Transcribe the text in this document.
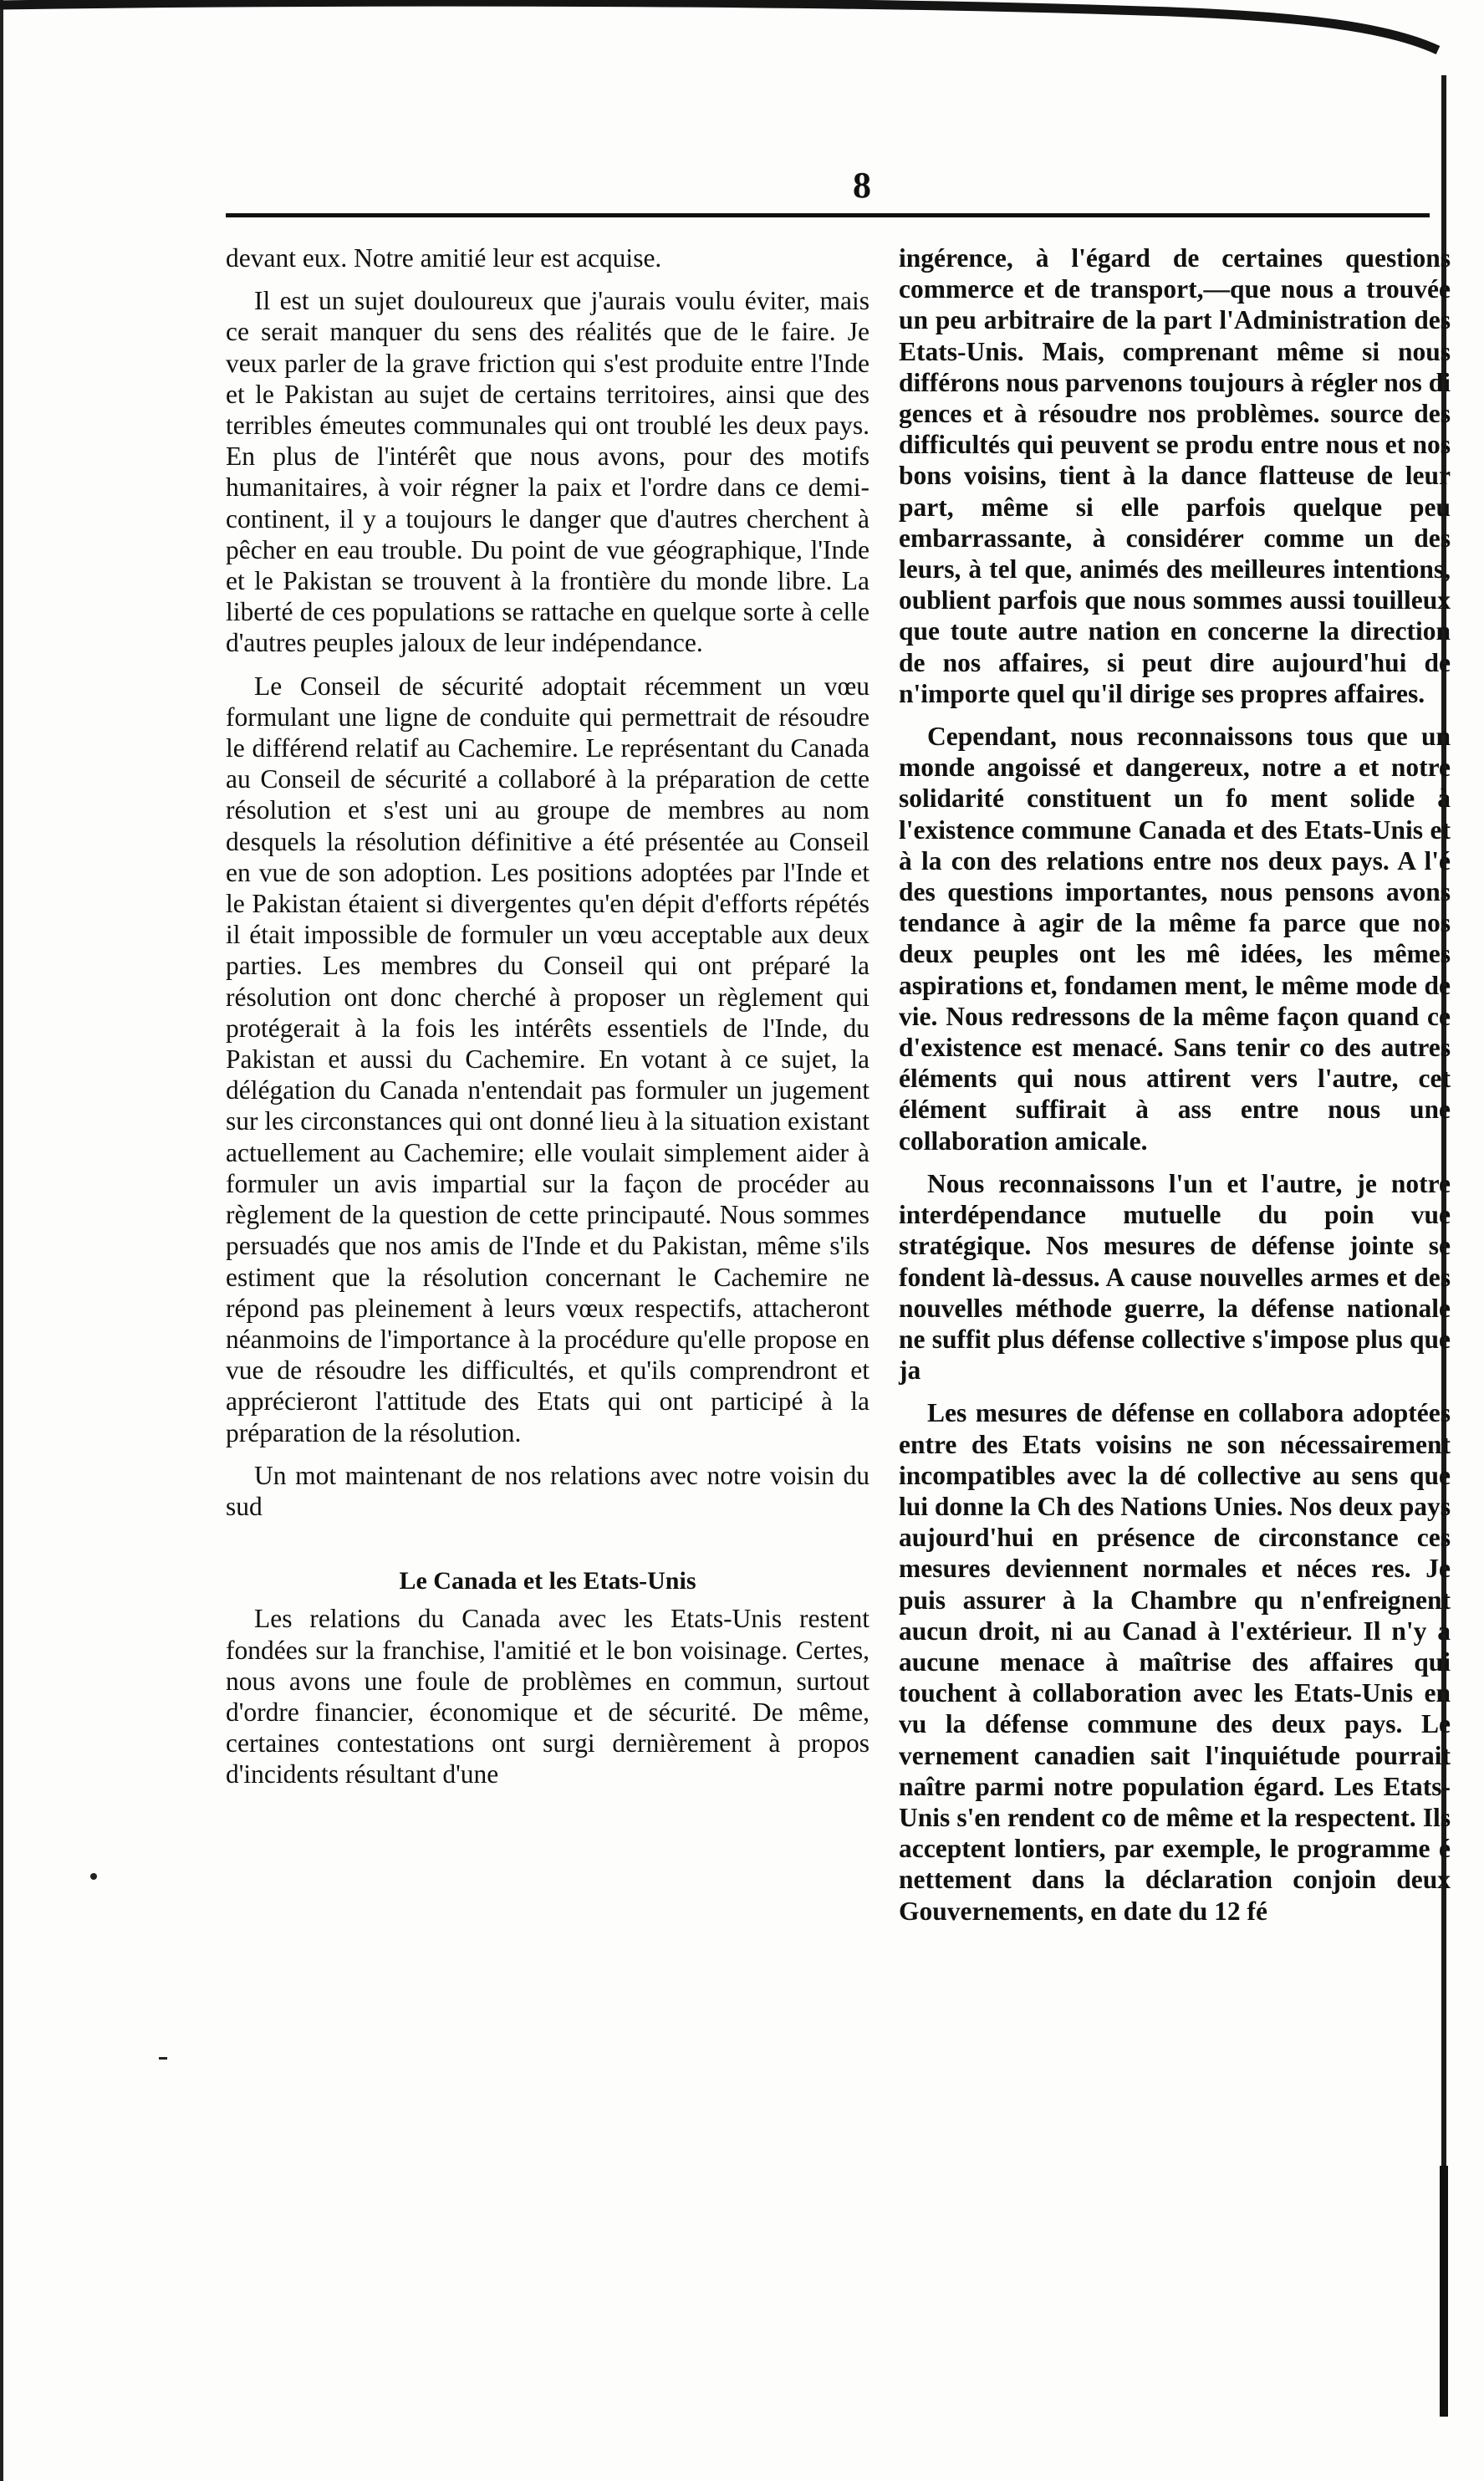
8

devant eux. Notre amitié leur est acquise.

Il est un sujet douloureux que j'aurais voulu éviter, mais ce serait manquer du sens des réalités que de le faire. Je veux parler de la grave friction qui s'est produite entre l'Inde et le Pakistan au sujet de certains territoires, ainsi que des terribles émeutes communales qui ont troublé les deux pays. En plus de l'intérêt que nous avons, pour des motifs humanitaires, à voir régner la paix et l'ordre dans ce demi-continent, il y a toujours le danger que d'autres cherchent à pêcher en eau trouble. Du point de vue géographique, l'Inde et le Pakistan se trouvent à la frontière du monde libre. La liberté de ces populations se rattache en quelque sorte à celle d'autres peuples jaloux de leur indépendance.

Le Conseil de sécurité adoptait récemment un vœu formulant une ligne de conduite qui permettrait de résoudre le différend relatif au Cachemire. Le représentant du Canada au Conseil de sécurité a collaboré à la préparation de cette résolution et s'est uni au groupe de membres au nom desquels la résolution définitive a été présentée au Conseil en vue de son adoption. Les positions adoptées par l'Inde et le Pakistan étaient si divergentes qu'en dépit d'efforts répétés il était impossible de formuler un vœu acceptable aux deux parties. Les membres du Conseil qui ont préparé la résolution ont donc cherché à proposer un règlement qui protégerait à la fois les intérêts essentiels de l'Inde, du Pakistan et aussi du Cachemire. En votant à ce sujet, la délégation du Canada n'entendait pas formuler un jugement sur les circonstances qui ont donné lieu à la situation existant actuellement au Cachemire; elle voulait simplement aider à formuler un avis impartial sur la façon de procéder au règlement de la question de cette principauté. Nous sommes persuadés que nos amis de l'Inde et du Pakistan, même s'ils estiment que la résolution concernant le Cachemire ne répond pas pleinement à leurs vœux respectifs, attacheront néanmoins de l'importance à la procédure qu'elle propose en vue de résoudre les difficultés, et qu'ils comprendront et apprécieront l'attitude des Etats qui ont participé à la préparation de la résolution.

Un mot maintenant de nos relations avec notre voisin du sud

Le Canada et les Etats-Unis

Les relations du Canada avec les Etats-Unis restent fondées sur la franchise, l'amitié et le bon voisinage. Certes, nous avons une foule de problèmes en commun, surtout d'ordre financier, économique et de sécurité. De même, certaines contestations ont surgi dernièrement à propos d'incidents résultant d'une

ingérence, à l'égard de certaines questions commerce et de transport,—que nous a trouvée un peu arbitraire de la part l'Administration des Etats-Unis. Mais, comprenant même si nous différons nous parvenons toujours à régler nos di gences et à résoudre nos problèmes. source des difficultés qui peuvent se produ entre nous et nos bons voisins, tient à la dance flatteuse de leur part, même si elle parfois quelque peu embarrassante, à considérer comme un des leurs, à tel que, animés des meilleures intentions, oublient parfois que nous sommes aussi touilleux que toute autre nation en concerne la direction de nos affaires, si peut dire aujourd'hui de n'importe quel qu'il dirige ses propres affaires.

Cependant, nous reconnaissons tous que un monde angoissé et dangereux, notre a et notre solidarité constituent un fo ment solide à l'existence commune Canada et des Etats-Unis et à la con des relations entre nos deux pays. A l'é des questions importantes, nous pensons avons tendance à agir de la même fa parce que nos deux peuples ont les mê idées, les mêmes aspirations et, fondamen ment, le même mode de vie. Nous redressons de la même façon quand ce d'existence est menacé. Sans tenir co des autres éléments qui nous attirent vers l'autre, cet élément suffirait à ass entre nous une collaboration amicale.

Nous reconnaissons l'un et l'autre, je notre interdépendance mutuelle du poin vue stratégique. Nos mesures de défense jointe se fondent là-dessus. A cause nouvelles armes et des nouvelles méthode guerre, la défense nationale ne suffit plus défense collective s'impose plus que ja

Les mesures de défense en collabora adoptées entre des Etats voisins ne son nécessairement incompatibles avec la dé collective au sens que lui donne la Ch des Nations Unies. Nos deux pays aujourd'hui en présence de circonstance ces mesures deviennent normales et néces res. Je puis assurer à la Chambre qu n'enfreignent aucun droit, ni au Canad à l'extérieur. Il n'y a aucune menace à maîtrise des affaires qui touchent à collaboration avec les Etats-Unis en vu la défense commune des deux pays. Le vernement canadien sait l'inquiétude pourrait naître parmi notre population égard. Les Etats-Unis s'en rendent co de même et la respectent. Ils acceptent lontiers, par exemple, le programme é nettement dans la déclaration conjoin deux Gouvernements, en date du 12 fé
